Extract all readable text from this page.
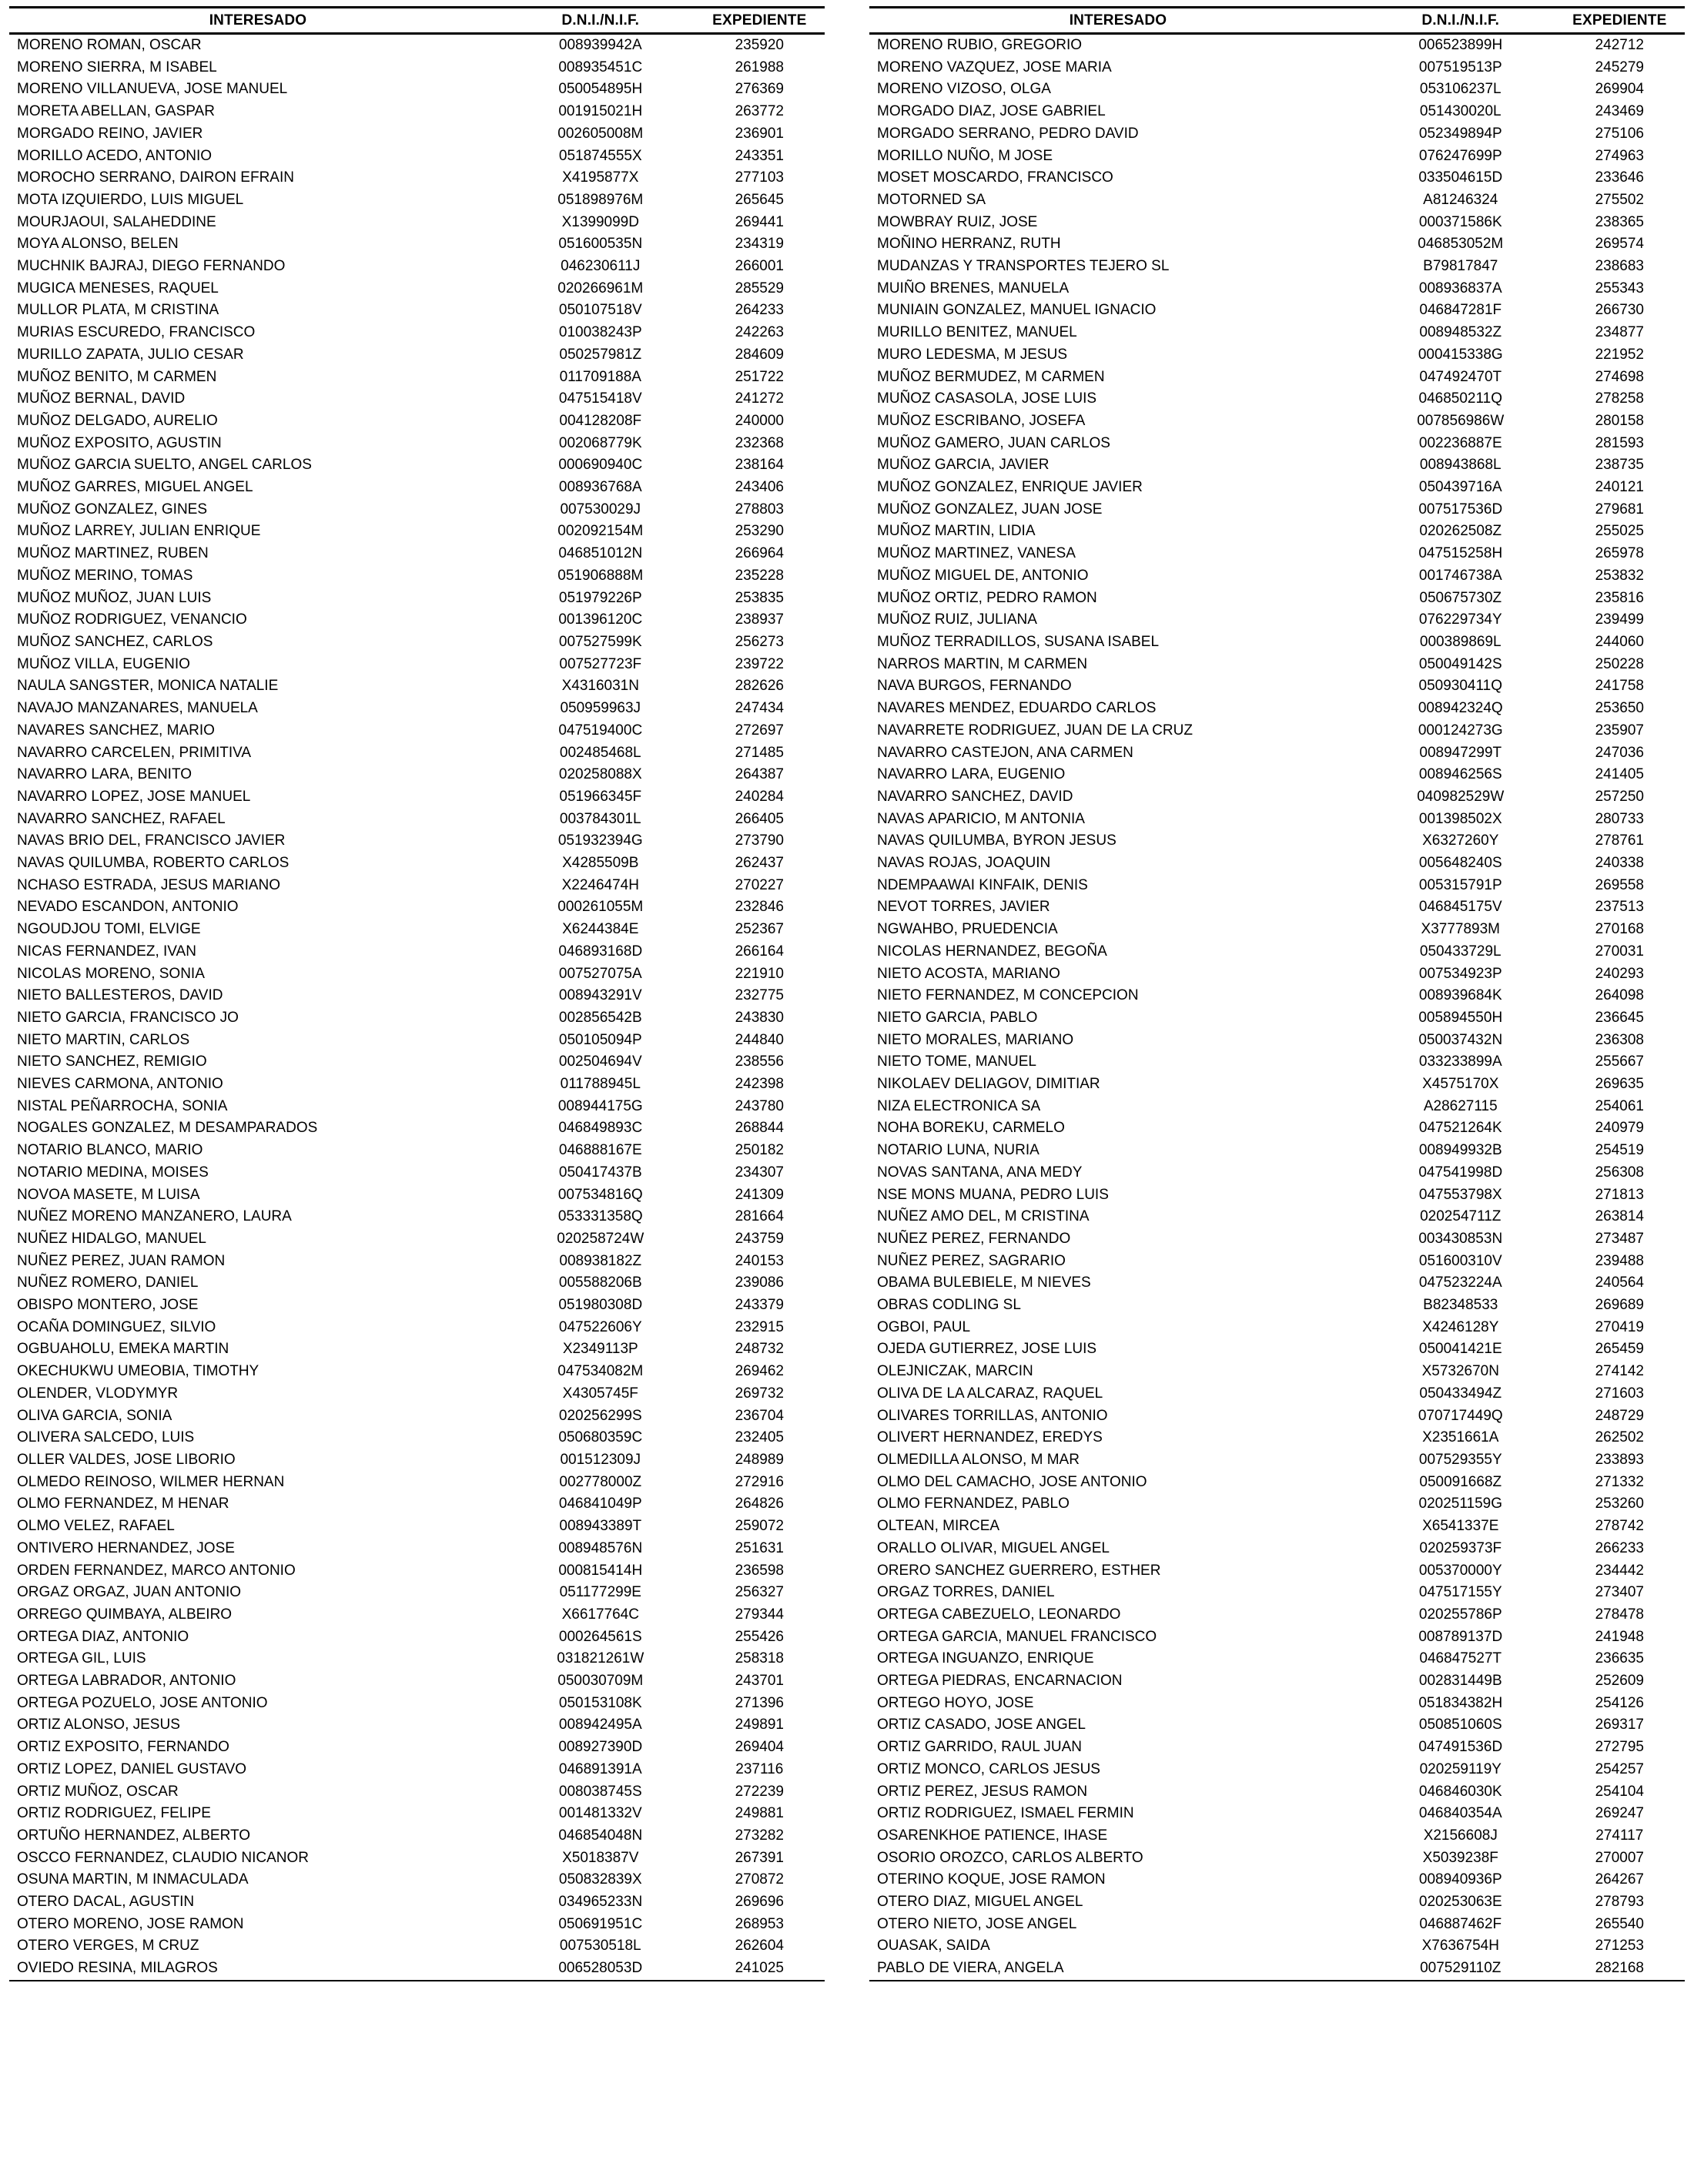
INTERESADO	D.N.I./N.I.F.	EXPEDIENTE
MORENO ROMAN, OSCAR	008939942A	235920
MORENO SIERRA, M ISABEL	008935451C	261988
MORENO VILLANUEVA, JOSE MANUEL	050054895H	276369
MORETA ABELLAN, GASPAR	001915021H	263772
MORGADO REINO, JAVIER	002605008M	236901
MORILLO ACEDO, ANTONIO	051874555X	243351
MOROCHO SERRANO, DAIRON EFRAIN	X4195877X	277103
MOTA IZQUIERDO, LUIS MIGUEL	051898976M	265645
MOURJAOUI, SALAHEDDINE	X1399099D	269441
MOYA ALONSO, BELEN	051600535N	234319
MUCHNIK BAJRAJ, DIEGO FERNANDO	046230611J	266001
MUGICA MENESES, RAQUEL	020266961M	285529
MULLOR PLATA, M CRISTINA	050107518V	264233
MURIAS ESCUREDO, FRANCISCO	010038243P	242263
MURILLO ZAPATA, JULIO CESAR	050257981Z	284609
MUÑOZ BENITO, M CARMEN	011709188A	251722
MUÑOZ BERNAL, DAVID	047515418V	241272
MUÑOZ DELGADO, AURELIO	004128208F	240000
MUÑOZ EXPOSITO, AGUSTIN	002068779K	232368
MUÑOZ GARCIA SUELTO, ANGEL CARLOS	000690940C	238164
MUÑOZ GARRES, MIGUEL ANGEL	008936768A	243406
MUÑOZ GONZALEZ, GINES	007530029J	278803
MUÑOZ LARREY, JULIAN ENRIQUE	002092154M	253290
MUÑOZ MARTINEZ, RUBEN	046851012N	266964
MUÑOZ MERINO, TOMAS	051906888M	235228
MUÑOZ MUÑOZ, JUAN LUIS	051979226P	253835
MUÑOZ RODRIGUEZ, VENANCIO	001396120C	238937
MUÑOZ SANCHEZ, CARLOS	007527599K	256273
MUÑOZ VILLA, EUGENIO	007527723F	239722
NAULA SANGSTER, MONICA NATALIE	X4316031N	282626
NAVAJO MANZANARES, MANUELA	050959963J	247434
NAVARES SANCHEZ, MARIO	047519400C	272697
NAVARRO CARCELEN, PRIMITIVA	002485468L	271485
NAVARRO LARA, BENITO	020258088X	264387
NAVARRO LOPEZ, JOSE MANUEL	051966345F	240284
NAVARRO SANCHEZ, RAFAEL	003784301L	266405
NAVAS BRIO DEL, FRANCISCO JAVIER	051932394G	273790
NAVAS QUILUMBA, ROBERTO CARLOS	X4285509B	262437
NCHASO ESTRADA, JESUS MARIANO	X2246474H	270227
NEVADO ESCANDON, ANTONIO	000261055M	232846
NGOUDJOU TOMI, ELVIGE	X6244384E	252367
NICAS FERNANDEZ, IVAN	046893168D	266164
NICOLAS MORENO, SONIA	007527075A	221910
NIETO BALLESTEROS, DAVID	008943291V	232775
NIETO GARCIA, FRANCISCO JO	002856542B	243830
NIETO MARTIN, CARLOS	050105094P	244840
NIETO SANCHEZ, REMIGIO	002504694V	238556
NIEVES CARMONA, ANTONIO	011788945L	242398
NISTAL PEÑARROCHA, SONIA	008944175G	243780
NOGALES GONZALEZ, M DESAMPARADOS	046849893C	268844
NOTARIO BLANCO, MARIO	046888167E	250182
NOTARIO MEDINA, MOISES	050417437B	234307
NOVOA MASETE, M LUISA	007534816Q	241309
NUÑEZ MORENO MANZANERO, LAURA	053331358Q	281664
NUÑEZ HIDALGO, MANUEL	020258724W	243759
NUÑEZ PEREZ, JUAN RAMON	008938182Z	240153
NUÑEZ ROMERO, DANIEL	005588206B	239086
OBISPO MONTERO, JOSE	051980308D	243379
OCAÑA DOMINGUEZ, SILVIO	047522606Y	232915
OGBUAHOLU, EMEKA MARTIN	X2349113P	248732
OKECHUKWU UMEOBIA, TIMOTHY	047534082M	269462
OLENDER, VLODYMYR	X4305745F	269732
OLIVA GARCIA, SONIA	020256299S	236704
OLIVERA SALCEDO, LUIS	050680359C	232405
OLLER VALDES, JOSE LIBORIO	001512309J	248989
OLMEDO REINOSO, WILMER HERNAN	002778000Z	272916
OLMO FERNANDEZ, M HENAR	046841049P	264826
OLMO VELEZ, RAFAEL	008943389T	259072
ONTIVERO HERNANDEZ, JOSE	008948576N	251631
ORDEN FERNANDEZ, MARCO ANTONIO	000815414H	236598
ORGAZ ORGAZ, JUAN ANTONIO	051177299E	256327
ORREGO QUIMBAYA, ALBEIRO	X6617764C	279344
ORTEGA DIAZ, ANTONIO	000264561S	255426
ORTEGA GIL, LUIS	031821261W	258318
ORTEGA LABRADOR, ANTONIO	050030709M	243701
ORTEGA POZUELO, JOSE ANTONIO	050153108K	271396
ORTIZ ALONSO, JESUS	008942495A	249891
ORTIZ EXPOSITO, FERNANDO	008927390D	269404
ORTIZ LOPEZ, DANIEL GUSTAVO	046891391A	237116
ORTIZ MUÑOZ, OSCAR	008038745S	272239
ORTIZ RODRIGUEZ, FELIPE	001481332V	249881
ORTUÑO HERNANDEZ, ALBERTO	046854048N	273282
OSCCO FERNANDEZ, CLAUDIO NICANOR	X5018387V	267391
OSUNA MARTIN, M INMACULADA	050832839X	270872
OTERO DACAL, AGUSTIN	034965233N	269696
OTERO MORENO, JOSE RAMON	050691951C	268953
OTERO VERGES, M CRUZ	007530518L	262604
OVIEDO RESINA, MILAGROS	006528053D	241025
INTERESADO	D.N.I./N.I.F.	EXPEDIENTE
MORENO RUBIO, GREGORIO	006523899H	242712
MORENO VAZQUEZ, JOSE MARIA	007519513P	245279
MORENO VIZOSO, OLGA	053106237L	269904
MORGADO DIAZ, JOSE GABRIEL	051430020L	243469
MORGADO SERRANO, PEDRO DAVID	052349894P	275106
MORILLO NUÑO, M JOSE	076247699P	274963
MOSET MOSCARDO, FRANCISCO	033504615D	233646
MOTORNED SA	A81246324	275502
MOWBRAY RUIZ, JOSE	000371586K	238365
MOÑINO HERRANZ, RUTH	046853052M	269574
MUDANZAS Y TRANSPORTES TEJERO SL	B79817847	238683
MUIÑO BRENES, MANUELA	008936837A	255343
MUNIAIN GONZALEZ, MANUEL IGNACIO	046847281F	266730
MURILLO BENITEZ, MANUEL	008948532Z	234877
MURO LEDESMA, M JESUS	000415338G	221952
MUÑOZ BERMUDEZ, M CARMEN	047492470T	274698
MUÑOZ CASASOLA, JOSE LUIS	046850211Q	278258
MUÑOZ ESCRIBANO, JOSEFA	007856986W	280158
MUÑOZ GAMERO, JUAN CARLOS	002236887E	281593
MUÑOZ GARCIA, JAVIER	008943868L	238735
MUÑOZ GONZALEZ, ENRIQUE JAVIER	050439716A	240121
MUÑOZ GONZALEZ, JUAN JOSE	007517536D	279681
MUÑOZ MARTIN, LIDIA	020262508Z	255025
MUÑOZ MARTINEZ, VANESA	047515258H	265978
MUÑOZ MIGUEL DE, ANTONIO	001746738A	253832
MUÑOZ ORTIZ, PEDRO RAMON	050675730Z	235816
MUÑOZ RUIZ, JULIANA	076229734Y	239499
MUÑOZ TERRADILLOS, SUSANA ISABEL	000389869L	244060
NARROS MARTIN, M CARMEN	050049142S	250228
NAVA BURGOS, FERNANDO	050930411Q	241758
NAVARES MENDEZ, EDUARDO CARLOS	008942324Q	253650
NAVARRETE RODRIGUEZ, JUAN DE LA CRUZ	000124273G	235907
NAVARRO CASTEJON, ANA CARMEN	008947299T	247036
NAVARRO LARA, EUGENIO	008946256S	241405
NAVARRO SANCHEZ, DAVID	040982529W	257250
NAVAS APARICIO, M ANTONIA	001398502X	280733
NAVAS QUILUMBA, BYRON JESUS	X6327260Y	278761
NAVAS ROJAS, JOAQUIN	005648240S	240338
NDEMPAAWAI KINFAIK, DENIS	005315791P	269558
NEVOT TORRES, JAVIER	046845175V	237513
NGWAHBO, PRUEDENCIA	X3777893M	270168
NICOLAS HERNANDEZ, BEGOÑA	050433729L	270031
NIETO ACOSTA, MARIANO	007534923P	240293
NIETO FERNANDEZ, M CONCEPCION	008939684K	264098
NIETO GARCIA, PABLO	005894550H	236645
NIETO MORALES, MARIANO	050037432N	236308
NIETO TOME, MANUEL	033233899A	255667
NIKOLAEV DELIAGOV, DIMITIAR	X4575170X	269635
NIZA ELECTRONICA SA	A28627115	254061
NOHA BOREKU, CARMELO	047521264K	240979
NOTARIO LUNA, NURIA	008949932B	254519
NOVAS SANTANA, ANA MEDY	047541998D	256308
NSE MONS MUANA, PEDRO LUIS	047553798X	271813
NUÑEZ AMO DEL, M CRISTINA	020254711Z	263814
NUÑEZ PEREZ, FERNANDO	003430853N	273487
NUÑEZ PEREZ, SAGRARIO	051600310V	239488
OBAMA BULEBIELE, M NIEVES	047523224A	240564
OBRAS CODLING SL	B82348533	269689
OGBOI, PAUL	X4246128Y	270419
OJEDA GUTIERREZ, JOSE LUIS	050041421E	265459
OLEJNICZAK, MARCIN	X5732670N	274142
OLIVA DE LA ALCARAZ, RAQUEL	050433494Z	271603
OLIVARES TORRILLAS, ANTONIO	070717449Q	248729
OLIVERT HERNANDEZ, EREDYS	X2351661A	262502
OLMEDILLA ALONSO, M MAR	007529355Y	233893
OLMO DEL CAMACHO, JOSE ANTONIO	050091668Z	271332
OLMO FERNANDEZ, PABLO	020251159G	253260
OLTEAN, MIRCEA	X6541337E	278742
ORALLO OLIVAR, MIGUEL ANGEL	020259373F	266233
ORERO SANCHEZ GUERRERO, ESTHER	005370000Y	234442
ORGAZ TORRES, DANIEL	047517155Y	273407
ORTEGA CABEZUELO, LEONARDO	020255786P	278478
ORTEGA GARCIA, MANUEL FRANCISCO	008789137D	241948
ORTEGA INGUANZO, ENRIQUE	046847527T	236635
ORTEGA PIEDRAS, ENCARNACION	002831449B	252609
ORTEGO HOYO, JOSE	051834382H	254126
ORTIZ CASADO, JOSE ANGEL	050851060S	269317
ORTIZ GARRIDO, RAUL JUAN	047491536D	272795
ORTIZ MONCO, CARLOS JESUS	020259119Y	254257
ORTIZ PEREZ, JESUS RAMON	046846030K	254104
ORTIZ RODRIGUEZ, ISMAEL FERMIN	046840354A	269247
OSARENKHOE PATIENCE, IHASE	X2156608J	274117
OSORIO OROZCO, CARLOS ALBERTO	X5039238F	270007
OTERINO KOQUE, JOSE RAMON	008940936P	264267
OTERO DIAZ, MIGUEL ANGEL	020253063E	278793
OTERO NIETO, JOSE ANGEL	046887462F	265540
OUASAK, SAIDA	X7636754H	271253
PABLO DE VIERA, ANGELA	007529110Z	282168
